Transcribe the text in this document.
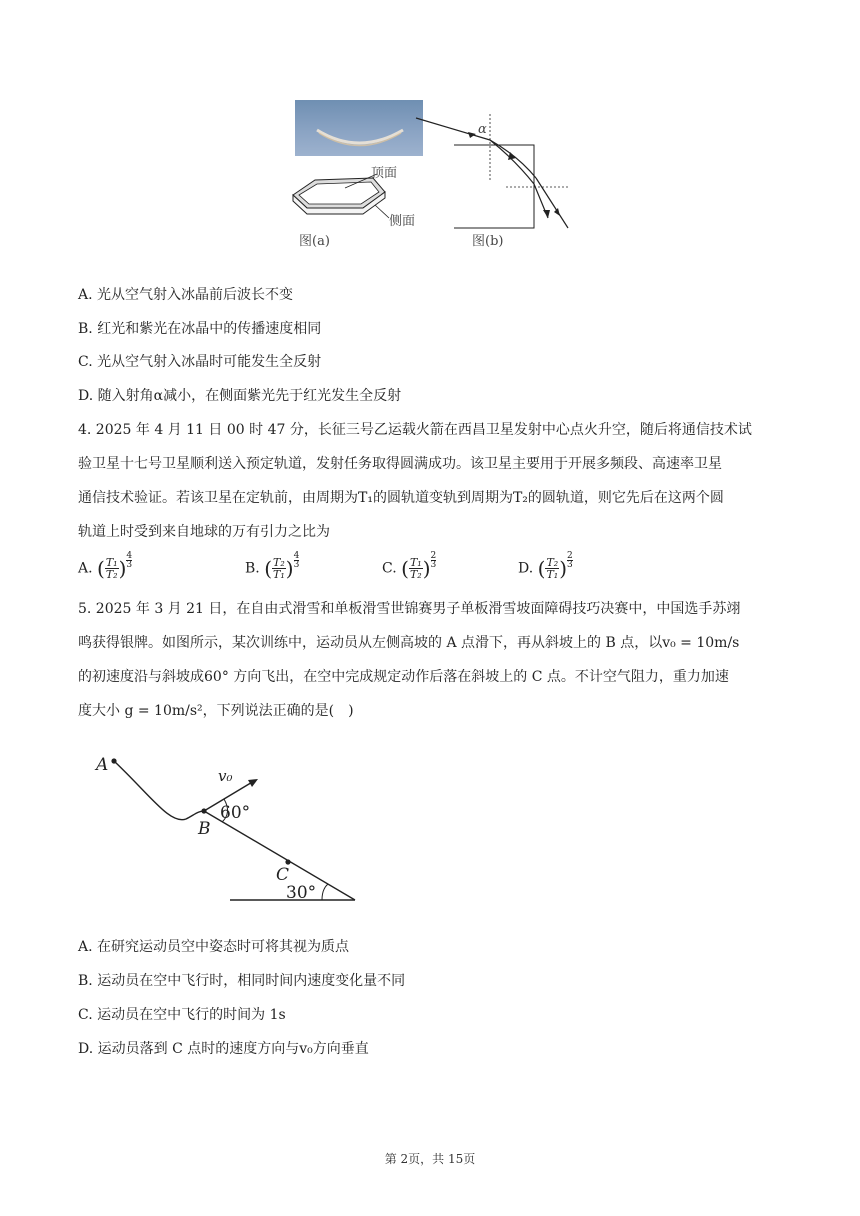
顶面
侧面
图(a)
α
图(b)
A. 光从空气射入冰晶前后波长不变
B. 红光和紫光在冰晶中的传播速度相同
C. 光从空气射入冰晶时可能发生全反射
D. 随入射角α减小，在侧面紫光先于红光发生全反射
4. 2025 年 4 月 11 日 00 时 47 分，长征三号乙运载火箭在西昌卫星发射中心点火升空，随后将通信技术试
验卫星十七号卫星顺利送入预定轨道，发射任务取得圆满成功。该卫星主要用于开展多频段、高速率卫星
通信技术验证。若该卫星在定轨前，由周期为T₁的圆轨道变轨到周期为T₂的圆轨道，则它先后在这两个圆
轨道上时受到来自地球的万有引力之比为
A. ( $\frac{\text{T₁}}{\text{T₂}}$ ) $\frac{4}{3}$	B. ( $\frac{\text{T₂}}{\text{T₁}}$ ) $\frac{4}{3}$	C. ( $\frac{\text{T₁}}{\text{T₂}}$ ) $\frac{2}{3}$	D. ( $\frac{\text{T₂}}{\text{T₁}}$ ) $\frac{2}{3}$
5. 2025 年 3 月 21 日，在自由式滑雪和单板滑雪世锦赛男子单板滑雪坡面障碍技巧决赛中，中国选手苏翊
鸣获得银牌。如图所示，某次训练中，运动员从左侧高坡的 A 点滑下，再从斜坡上的 B 点，以v₀ = 10m/s
的初速度沿与斜坡成60° 方向飞出，在空中完成规定动作后落在斜坡上的 C 点。不计空气阻力，重力加速
度大小 g = 10m/s²，下列说法正确的是(　)
A
B
C
v₀
60°
30°
A. 在研究运动员空中姿态时可将其视为质点
B. 运动员在空中飞行时，相同时间内速度变化量不同
C. 运动员在空中飞行的时间为 1s
D. 运动员落到 C 点时的速度方向与v₀方向垂直
第 2页，共 15页
